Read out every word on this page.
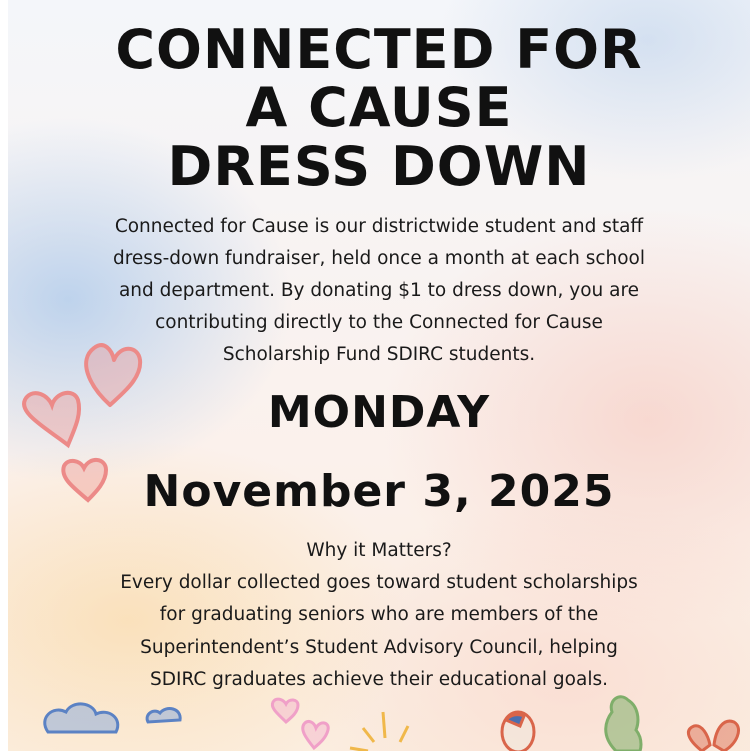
CONNECTED FOR
A CAUSE
DRESS DOWN
Connected for Cause is our districtwide student and staff
dress-down fundraiser, held once a month at each school
and department. By donating $1 to dress down, you are
contributing directly to the Connected for Cause
Scholarship Fund SDIRC students.
MONDAY
November 3, 2025
Why it Matters?
Every dollar collected goes toward student scholarships
for graduating seniors who are members of the
Superintendent’s Student Advisory Council, helping
SDIRC graduates achieve their educational goals.
